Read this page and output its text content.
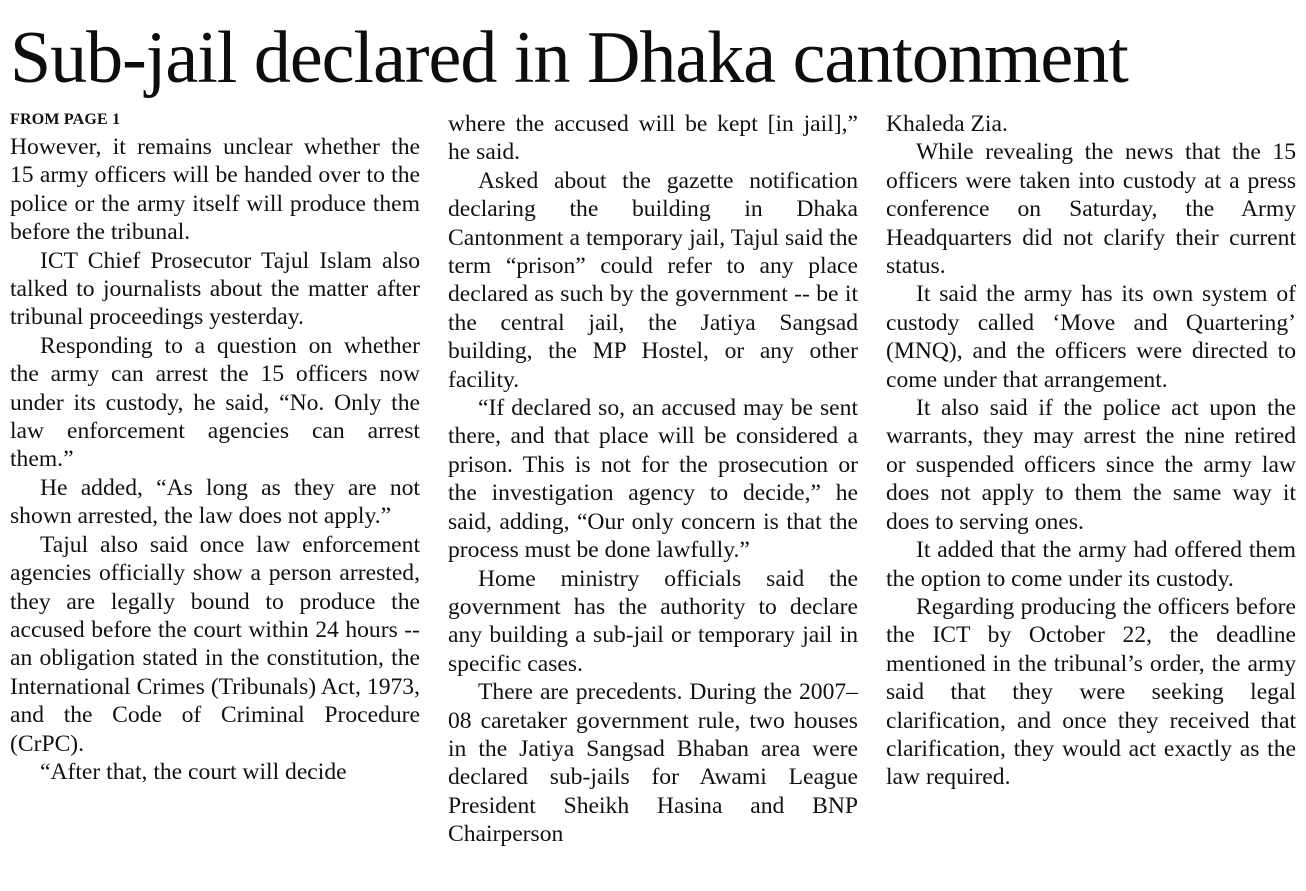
Sub-jail declared in Dhaka cantonment
FROM PAGE 1

However, it remains unclear whether the 15 army officers will be handed over to the police or the army itself will produce them before the tribunal.

ICT Chief Prosecutor Tajul Islam also talked to journalists about the matter after tribunal proceedings yesterday.

Responding to a question on whether the army can arrest the 15 officers now under its custody, he said, “No. Only the law enforcement agencies can arrest them.”

He added, “As long as they are not shown arrested, the law does not apply.”

Tajul also said once law enforcement agencies officially show a person arrested, they are legally bound to produce the accused before the court within 24 hours -- an obligation stated in the constitution, the International Crimes (Tribunals) Act, 1973, and the Code of Criminal Procedure (CrPC).

“After that, the court will decide

where the accused will be kept [in jail],” he said.

Asked about the gazette notification declaring the building in Dhaka Cantonment a temporary jail, Tajul said the term “prison” could refer to any place declared as such by the government -- be it the central jail, the Jatiya Sangsad building, the MP Hostel, or any other facility.

“If declared so, an accused may be sent there, and that place will be considered a prison. This is not for the prosecution or the investigation agency to decide,” he said, adding, “Our only concern is that the process must be done lawfully.”

Home ministry officials said the government has the authority to declare any building a sub-jail or temporary jail in specific cases.

There are precedents. During the 2007–08 caretaker government rule, two houses in the Jatiya Sangsad Bhaban area were declared sub-jails for Awami League President Sheikh Hasina and BNP Chairperson

Khaleda Zia.

While revealing the news that the 15 officers were taken into custody at a press conference on Saturday, the Army Headquarters did not clarify their current status.

It said the army has its own system of custody called ‘Move and Quartering’ (MNQ), and the officers were directed to come under that arrangement.

It also said if the police act upon the warrants, they may arrest the nine retired or suspended officers since the army law does not apply to them the same way it does to serving ones.

It added that the army had offered them the option to come under its custody.

Regarding producing the officers before the ICT by October 22, the deadline mentioned in the tribunal’s order, the army said that they were seeking legal clarification, and once they received that clarification, they would act exactly as the law required.
